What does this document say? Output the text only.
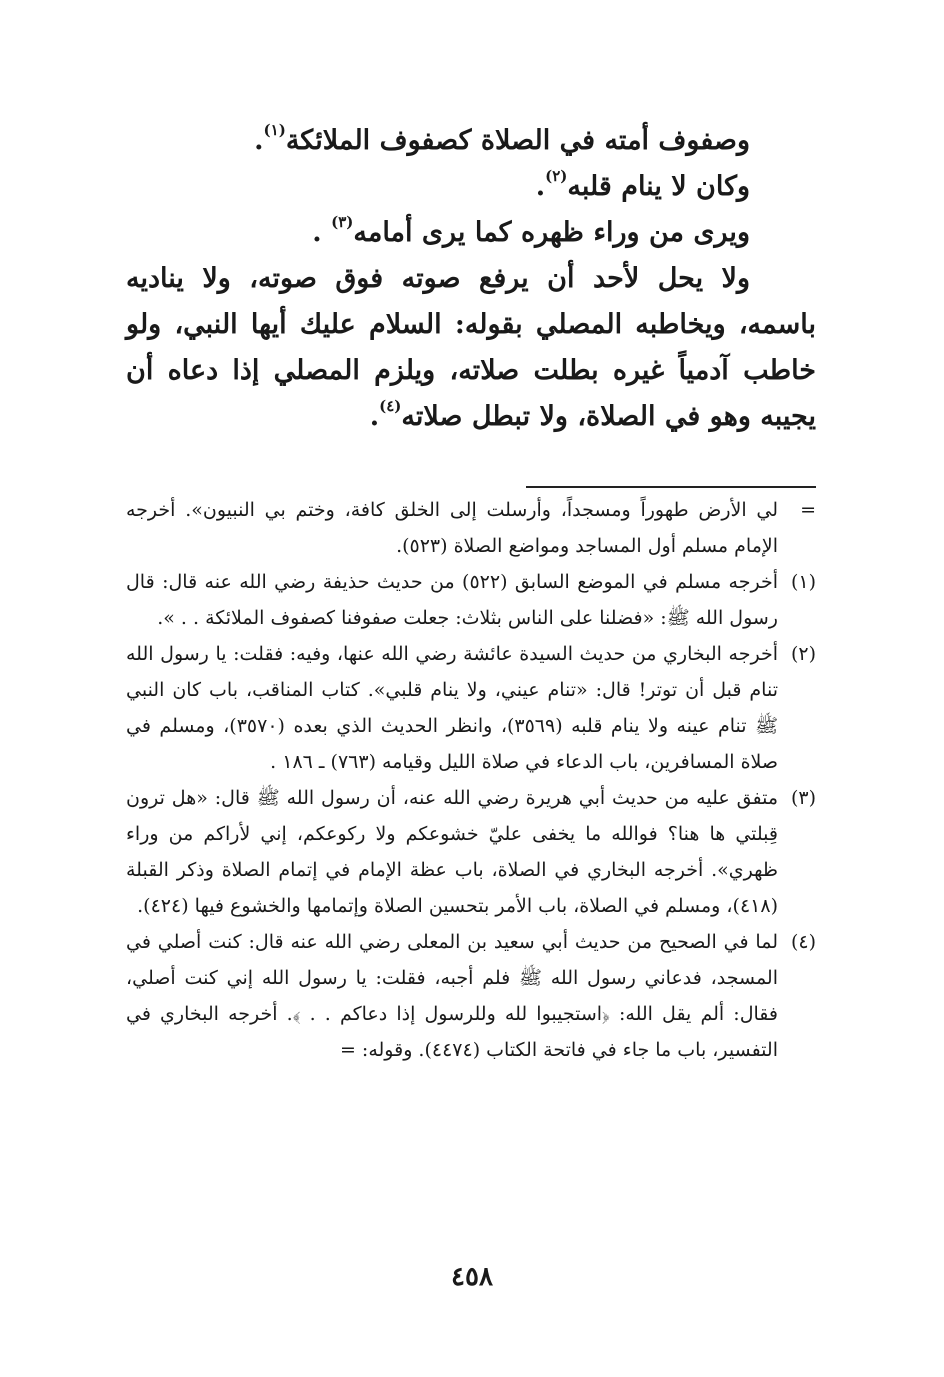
وصفوف أمته في الصلاة كصفوف الملائكة$^{(١)}$.

وكان لا ينام قلبه$^{(٢)}$.

ويرى من وراء ظهره كما يرى أمامه$^{(٣)}$ .

ولا يحل لأحد أن يرفع صوته فوق صوته، ولا يناديه باسمه، ويخاطبه المصلي بقوله: السلام عليك أيها النبي، ولو خاطب آدمياً غيره بطلت صلاته، ويلزم المصلي إذا دعاه أن يجيبه وهو في الصلاة، ولا تبطل صلاته$^{(٤)}$.

=
لي الأرض طهوراً ومسجداً، وأرسلت إلى الخلق كافة، وختم بي النبيون». أخرجه الإمام مسلم أول المساجد ومواضع الصلاة (٥٢٣).
(١)
أخرجه مسلم في الموضع السابق (٥٢٢) من حديث حذيفة رضي الله عنه قال: قال رسول الله ﷺ: «فضلنا على الناس بثلاث: جعلت صفوفنا كصفوف الملائكة . . ».
(٢)
أخرجه البخاري من حديث السيدة عائشة رضي الله عنها، وفيه: فقلت: يا رسول الله تنام قبل أن توتر! قال: «تنام عيني، ولا ينام قلبي». كتاب المناقب، باب كان النبي ﷺ تنام عينه ولا ينام قلبه (٣٥٦٩)، وانظر الحديث الذي بعده (٣٥٧٠)، ومسلم في صلاة المسافرين، باب الدعاء في صلاة الليل وقيامه (٧٦٣) ـ ١٨٦ .
(٣)
متفق عليه من حديث أبي هريرة رضي الله عنه، أن رسول الله ﷺ قال: «هل ترون قِبلتي ها هنا؟ فوالله ما يخفى عليّ خشوعكم ولا ركوعكم، إني لأراكم من وراء ظهري». أخرجه البخاري في الصلاة، باب عظة الإمام في إتمام الصلاة وذكر القبلة (٤١٨)، ومسلم في الصلاة، باب الأمر بتحسين الصلاة وإتمامها والخشوع فيها (٤٢٤).
(٤)
لما في الصحيح من حديث أبي سعيد بن المعلى رضي الله عنه قال: كنت أصلي في المسجد، فدعاني رسول الله ﷺ فلم أجبه، فقلت: يا رسول الله إني كنت أصلي، فقال: ألم يقل الله: ﴿استجيبوا لله وللرسول إذا دعاكم . . ﴾. أخرجه البخاري في التفسير، باب ما جاء في فاتحة الكتاب (٤٤٧٤). وقوله: =
٤٥٨
